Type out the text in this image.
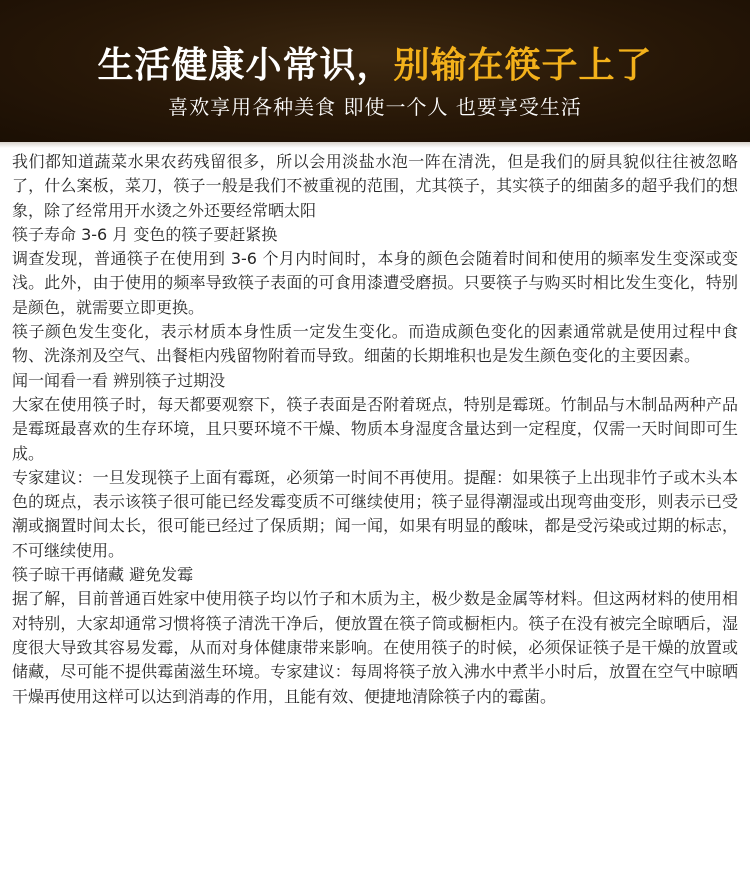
生活健康小常识，别输在筷子上了
喜欢享用各种美食 即使一个人 也要享受生活

我们都知道蔬菜水果农药残留很多，所以会用淡盐水泡一阵在清洗，但是我们的厨具貌似往往被忽略了，什么案板，菜刀，筷子一般是我们不被重视的范围，尤其筷子，其实筷子的细菌多的超乎我们的想象，除了经常用开水烫之外还要经常晒太阳

筷子寿命 3-6 月 变色的筷子要赶紧换

调查发现，普通筷子在使用到 3-6 个月内时间时，本身的颜色会随着时间和使用的频率发生变深或变浅。此外，由于使用的频率导致筷子表面的可食用漆遭受磨损。只要筷子与购买时相比发生变化，特别是颜色，就需要立即更换。

筷子颜色发生变化，表示材质本身性质一定发生变化。而造成颜色变化的因素通常就是使用过程中食物、洗涤剂及空气、出餐柜内残留物附着而导致。细菌的长期堆积也是发生颜色变化的主要因素。

闻一闻看一看 辨别筷子过期没

大家在使用筷子时，每天都要观察下，筷子表面是否附着斑点，特别是霉斑。竹制品与木制品两种产品是霉斑最喜欢的生存环境，且只要环境不干燥、物质本身湿度含量达到一定程度，仅需一天时间即可生成。

专家建议：一旦发现筷子上面有霉斑，必须第一时间不再使用。提醒：如果筷子上出现非竹子或木头本色的斑点，表示该筷子很可能已经发霉变质不可继续使用；筷子显得潮湿或出现弯曲变形，则表示已受潮或搁置时间太长，很可能已经过了保质期；闻一闻，如果有明显的酸味，都是受污染或过期的标志，不可继续使用。

筷子晾干再储藏 避免发霉

据了解，目前普通百姓家中使用筷子均以竹子和木质为主，极少数是金属等材料。但这两材料的使用相对特别，大家却通常习惯将筷子清洗干净后，便放置在筷子筒或橱柜内。筷子在没有被完全晾晒后，湿度很大导致其容易发霉，从而对身体健康带来影响。在使用筷子的时候，必须保证筷子是干燥的放置或储藏，尽可能不提供霉菌滋生环境。专家建议：每周将筷子放入沸水中煮半小时后，放置在空气中晾晒干燥再使用这样可以达到消毒的作用，且能有效、便捷地清除筷子内的霉菌。
